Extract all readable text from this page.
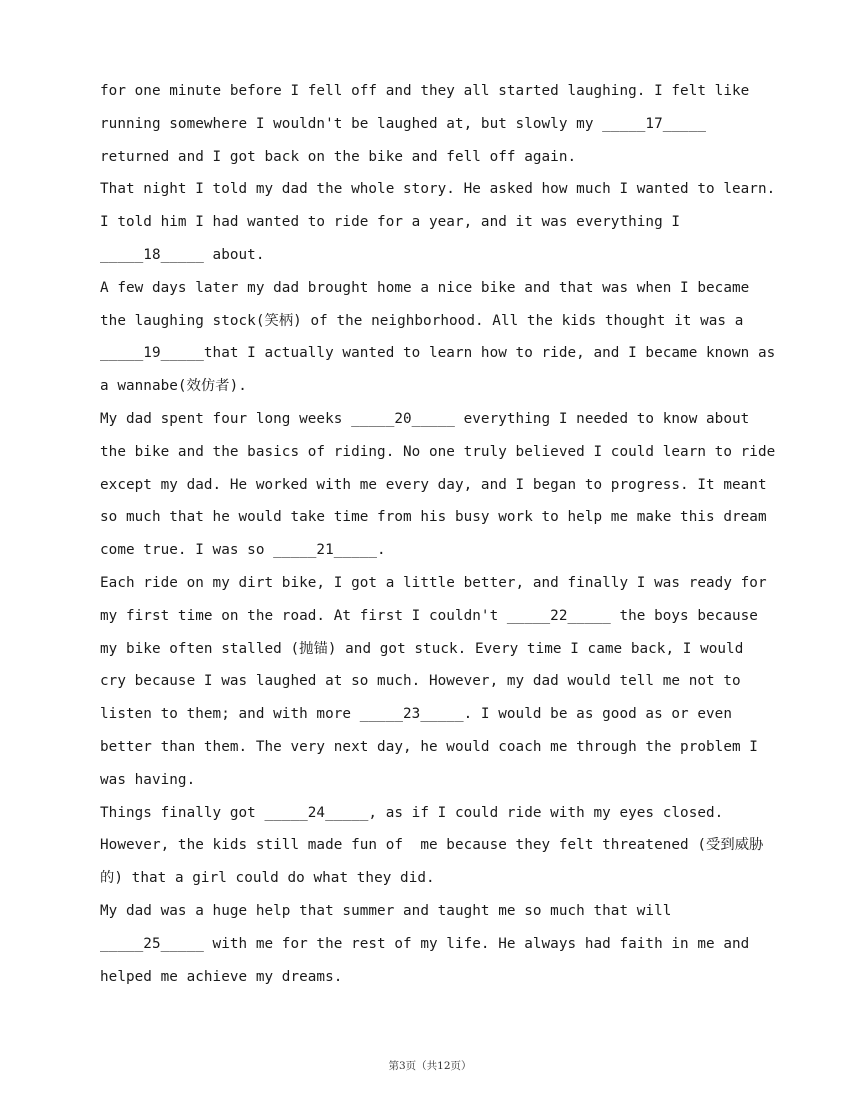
for one minute before I fell off and they all started laughing. I felt like
running somewhere I wouldn't be laughed at, but slowly my _____17_____
returned and I got back on the bike and fell off again.
That night I told my dad the whole story. He asked how much I wanted to learn.
I told him I had wanted to ride for a year, and it was everything I
_____18_____ about.
A few days later my dad brought home a nice bike and that was when I became
the laughing stock(笑柄) of the neighborhood. All the kids thought it was a
_____19_____that I actually wanted to learn how to ride, and I became known as
a wannabe(效仿者).
My dad spent four long weeks _____20_____ everything I needed to know about
the bike and the basics of riding. No one truly believed I could learn to ride
except my dad. He worked with me every day, and I began to progress. It meant
so much that he would take time from his busy work to help me make this dream
come true. I was so _____21_____.
Each ride on my dirt bike, I got a little better, and finally I was ready for
my first time on the road. At first I couldn't _____22_____ the boys because
my bike often stalled (抛锚) and got stuck. Every time I came back, I would
cry because I was laughed at so much. However, my dad would tell me not to
listen to them; and with more _____23_____. I would be as good as or even
better than them. The very next day, he would coach me through the problem I
was having.
Things finally got _____24_____, as if I could ride with my eyes closed.
However, the kids still made fun of  me because they felt threatened (受到威胁
的) that a girl could do what they did.
My dad was a huge help that summer and taught me so much that will
_____25_____ with me for the rest of my life. He always had faith in me and
helped me achieve my dreams.
第3页（共12页）
